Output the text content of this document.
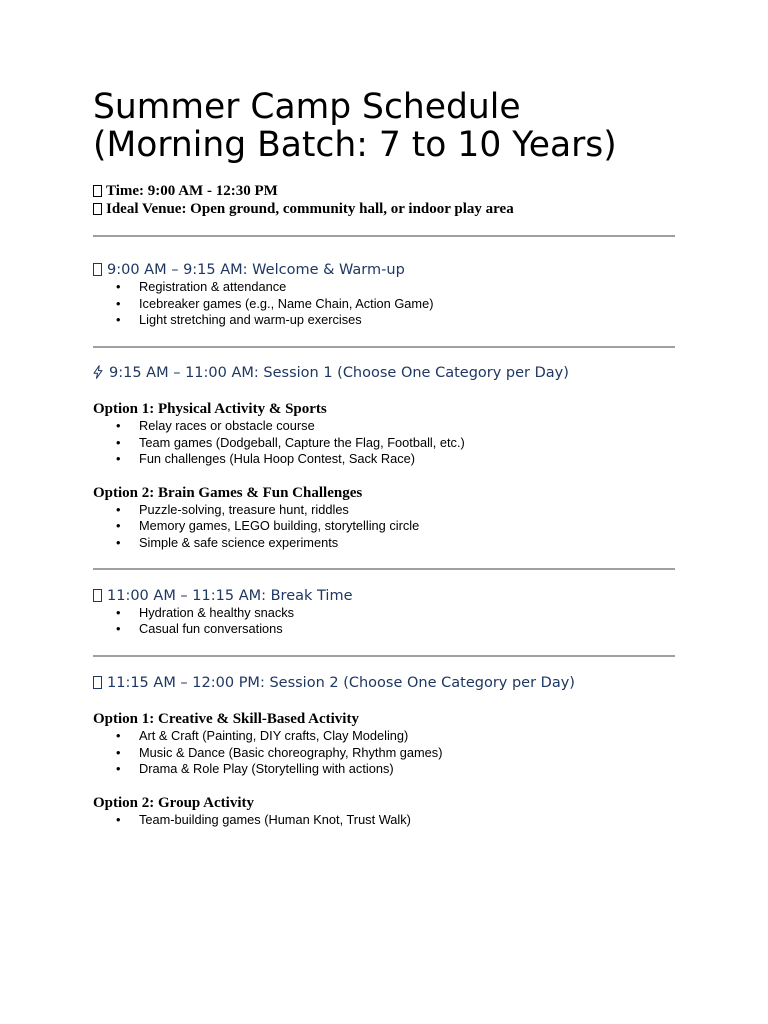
Summer Camp Schedule
(Morning Batch: 7 to 10 Years)
Time: 9:00 AM - 12:30 PM
Ideal Venue: Open ground, community hall, or indoor play area
9:00 AM – 9:15 AM: Welcome & Warm-up
• Registration & attendance
• Icebreaker games (e.g., Name Chain, Action Game)
• Light stretching and warm-up exercises
9:15 AM – 11:00 AM: Session 1 (Choose One Category per Day)

Option 1: Physical Activity & Sports

• Relay races or obstacle course
• Team games (Dodgeball, Capture the Flag, Football, etc.)
• Fun challenges (Hula Hoop Contest, Sack Race)

Option 2: Brain Games & Fun Challenges

• Puzzle-solving, treasure hunt, riddles
• Memory games, LEGO building, storytelling circle
• Simple & safe science experiments
11:00 AM – 11:15 AM: Break Time
• Hydration & healthy snacks
• Casual fun conversations
11:15 AM – 12:00 PM: Session 2 (Choose One Category per Day)

Option 1: Creative & Skill-Based Activity

• Art & Craft (Painting, DIY crafts, Clay Modeling)
• Music & Dance (Basic choreography, Rhythm games)
• Drama & Role Play (Storytelling with actions)

Option 2: Group Activity

• Team-building games (Human Knot, Trust Walk)
